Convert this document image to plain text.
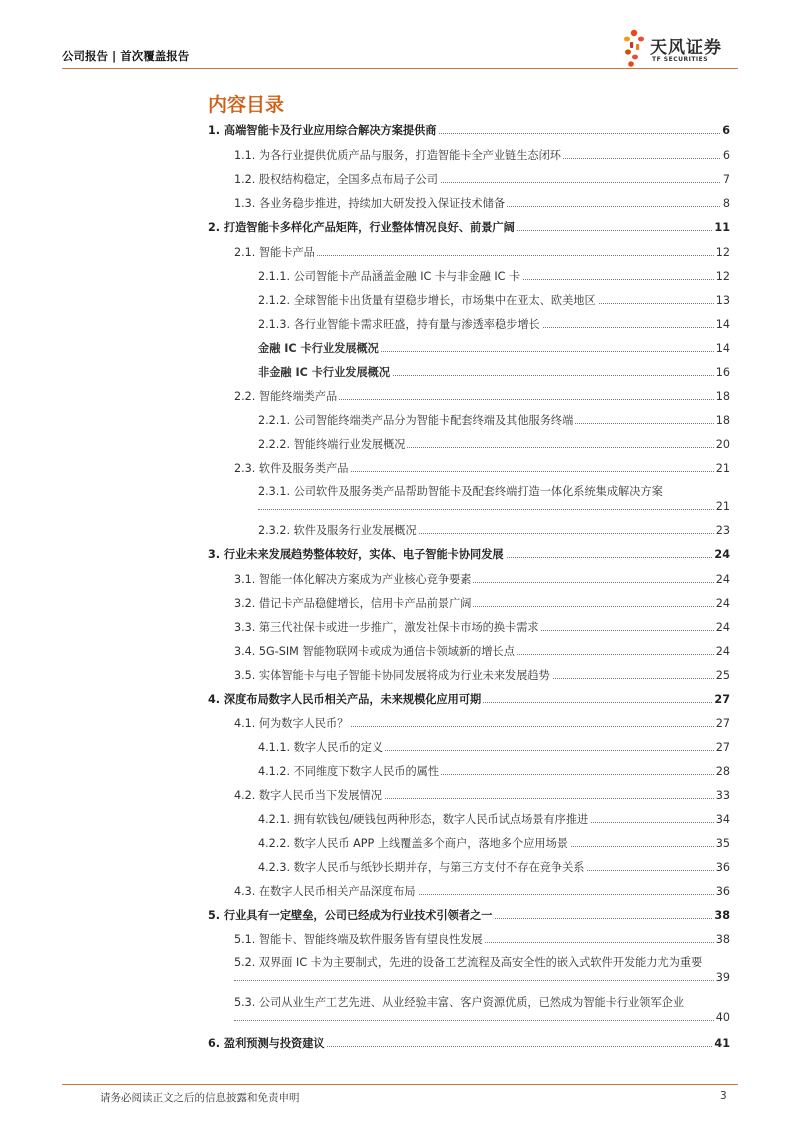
公司报告 | 首次覆盖报告	天风证券
TF SECURITIES
内容目录
1. 高端智能卡及行业应用综合解决方案提供商	6
1.1. 为各行业提供优质产品与服务，打造智能卡全产业链生态闭环	6
1.2. 股权结构稳定，全国多点布局子公司	7
1.3. 各业务稳步推进，持续加大研发投入保证技术储备	8
2. 打造智能卡多样化产品矩阵，行业整体情况良好、前景广阔	11
2.1. 智能卡产品	12
2.1.1. 公司智能卡产品涵盖金融 IC 卡与非金融 IC 卡	12
2.1.2. 全球智能卡出货量有望稳步增长，市场集中在亚太、欧美地区	13
2.1.3. 各行业智能卡需求旺盛，持有量与渗透率稳步增长	14
金融 IC 卡行业发展概况	14
非金融 IC 卡行业发展概况	16
2.2. 智能终端类产品	18
2.2.1. 公司智能终端类产品分为智能卡配套终端及其他服务终端	18
2.2.2. 智能终端行业发展概况	20
2.3. 软件及服务类产品	21
2.3.1. 公司软件及服务类产品帮助智能卡及配套终端打造一体化系统集成解决方案
21
2.3.2. 软件及服务行业发展概况	23
3. 行业未来发展趋势整体较好，实体、电子智能卡协同发展	24
3.1. 智能一体化解决方案成为产业核心竞争要素	24
3.2. 借记卡产品稳健增长，信用卡产品前景广阔	24
3.3. 第三代社保卡或进一步推广，激发社保卡市场的换卡需求	24
3.4. 5G-SIM 智能物联网卡或成为通信卡领域新的增长点	24
3.5. 实体智能卡与电子智能卡协同发展将成为行业未来发展趋势	25
4. 深度布局数字人民币相关产品，未来规模化应用可期	27
4.1. 何为数字人民币？	27
4.1.1. 数字人民币的定义	27
4.1.2. 不同维度下数字人民币的属性	28
4.2. 数字人民币当下发展情况	33
4.2.1. 拥有软钱包/硬钱包两种形态，数字人民币试点场景有序推进	34
4.2.2. 数字人民币 APP 上线覆盖多个商户，落地多个应用场景	35
4.2.3. 数字人民币与纸钞长期并存，与第三方支付不存在竞争关系	36
4.3. 在数字人民币相关产品深度布局	36
5. 行业具有一定壁垒，公司已经成为行业技术引领者之一	38
5.1. 智能卡、智能终端及软件服务皆有望良性发展	38
5.2. 双界面 IC 卡为主要制式，先进的设备工艺流程及高安全性的嵌入式软件开发能力尤为重要
39
5.3. 公司从业生产工艺先进、从业经验丰富、客户资源优质，已然成为智能卡行业领军企业
40
6. 盈利预测与投资建议	41
请务必阅读正文之后的信息披露和免责申明	3
